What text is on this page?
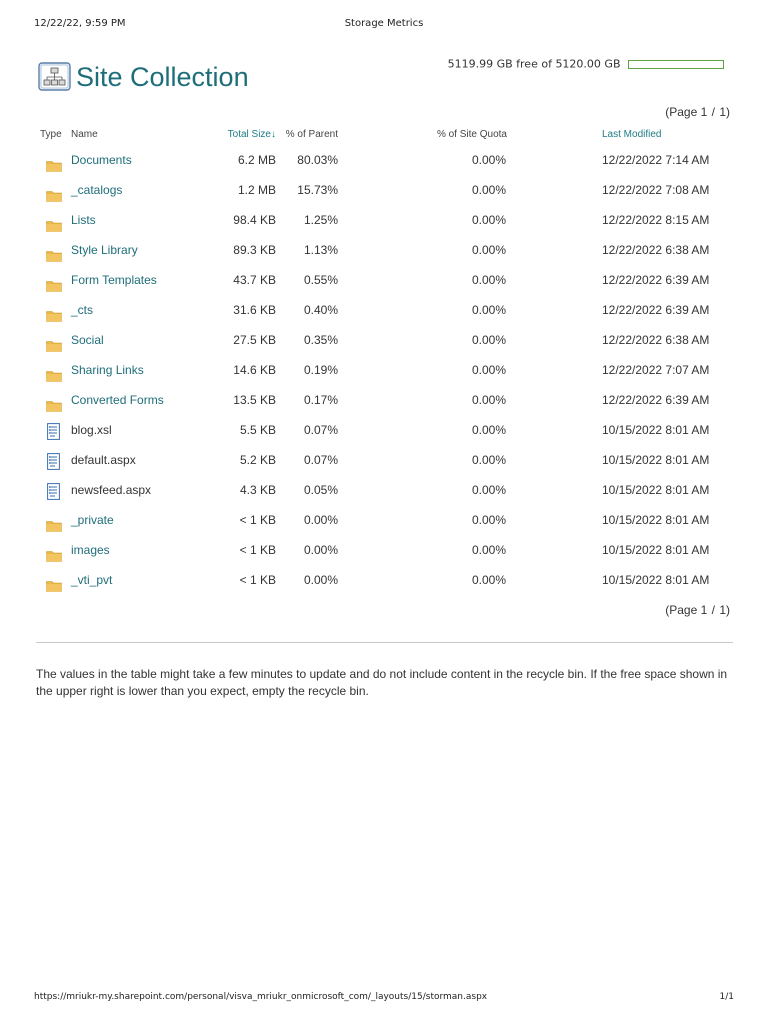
12/22/22, 9:59 PM	Storage Metrics
Site Collection	5119.99 GB free of 5120.00 GB
(Page 1 / 1)
Type Name	Total Size↓ % of Parent	% of Site Quota	Last Modified
Documents	6.2 MB	80.03%	0.00%	12/22/2022 7:14 AM
_catalogs	1.2 MB	15.73%	0.00%	12/22/2022 7:08 AM
Lists	98.4 KB	1.25%	0.00%	12/22/2022 8:15 AM
Style Library	89.3 KB	1.13%	0.00%	12/22/2022 6:38 AM
Form Templates	43.7 KB	0.55%	0.00%	12/22/2022 6:39 AM
_cts	31.6 KB	0.40%	0.00%	12/22/2022 6:39 AM
Social	27.5 KB	0.35%	0.00%	12/22/2022 6:38 AM
Sharing Links	14.6 KB	0.19%	0.00%	12/22/2022 7:07 AM
Converted Forms	13.5 KB	0.17%	0.00%	12/22/2022 6:39 AM
blog.xsl	5.5 KB	0.07%	0.00%	10/15/2022 8:01 AM
default.aspx	5.2 KB	0.07%	0.00%	10/15/2022 8:01 AM
newsfeed.aspx	4.3 KB	0.05%	0.00%	10/15/2022 8:01 AM
_private	< 1 KB	0.00%	0.00%	10/15/2022 8:01 AM
images	< 1 KB	0.00%	0.00%	10/15/2022 8:01 AM
_vti_pvt	< 1 KB	0.00%	0.00%	10/15/2022 8:01 AM
(Page 1 / 1)

The values in the table might take a few minutes to update and do not include content in the recycle bin. If the free space shown in the upper right is lower than you expect, empty the recycle bin.

https://mriukr-my.sharepoint.com/personal/visva_mriukr_onmicrosoft_com/_layouts/15/storman.aspx	1/1
